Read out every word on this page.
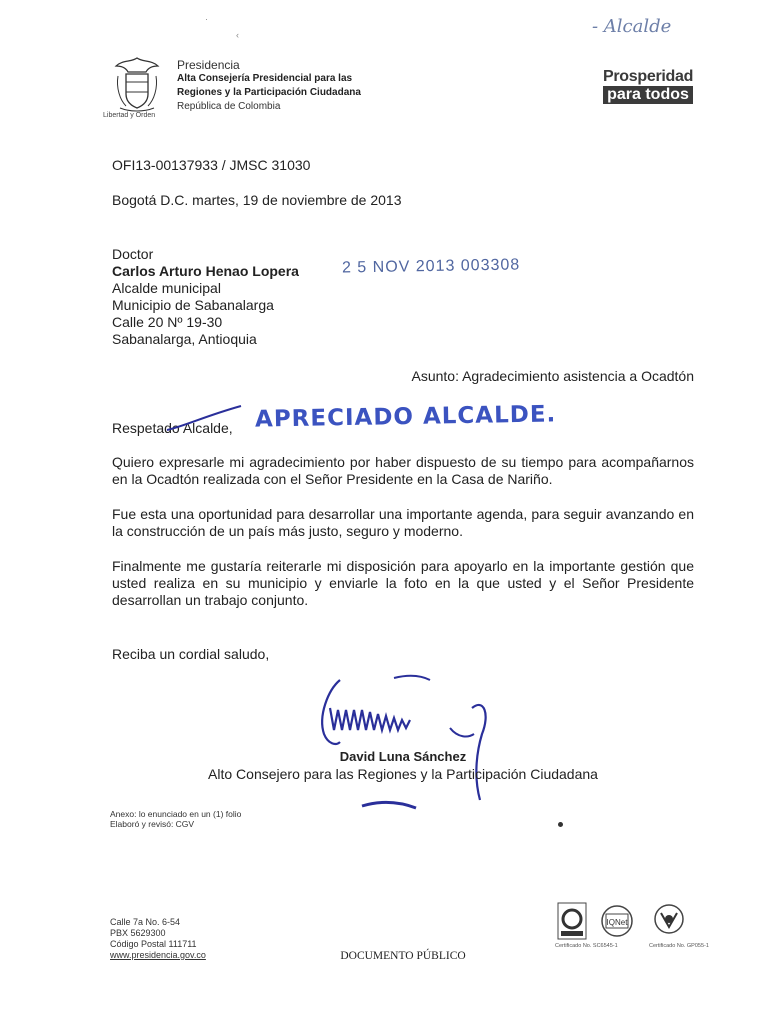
·
‹	- Alcalde
Libertad y Orden
Presidencia
Alta Consejería Presidencial para las
Regiones y la Participación Ciudadana
República de Colombia
Prosperidad
para todos
OFI13-00137933 / JMSC 31030
Bogotá D.C. martes, 19 de noviembre de 2013
Doctor
Carlos Arturo Henao Lopera
Alcalde municipal
Municipio de Sabanalarga
Calle 20 Nº 19-30
Sabanalarga, Antioquia
2 5 NOV 2013 003308
Asunto: Agradecimiento asistencia a Ocadtón
Respetado Alcalde, APRECIADO ALCALDE.
Quiero expresarle mi agradecimiento por haber dispuesto de su tiempo para acompañarnos en la Ocadtón realizada con el Señor Presidente en la Casa de Nariño.
Fue esta una oportunidad para desarrollar una importante agenda, para seguir avanzando en la construcción de un país más justo, seguro y moderno.
Finalmente me gustaría reiterarle mi disposición para apoyarlo en la importante gestión que usted realiza en su municipio y enviarle la foto en la que usted y el Señor Presidente desarrollan un trabajo conjunto.
Reciba un cordial saludo,
David Luna Sánchez
Alto Consejero para las Regiones y la Participación Ciudadana
Anexo: lo enunciado en un (1) folio
Elaboró y revisó: CGV
Calle 7a No. 6-54
PBX 5629300
Código Postal 111711
www.presidencia.gov.co	DOCUMENTO PÚBLICO
Certificado No. SC6545-1
IQNet
Certificado No. GP055-1
